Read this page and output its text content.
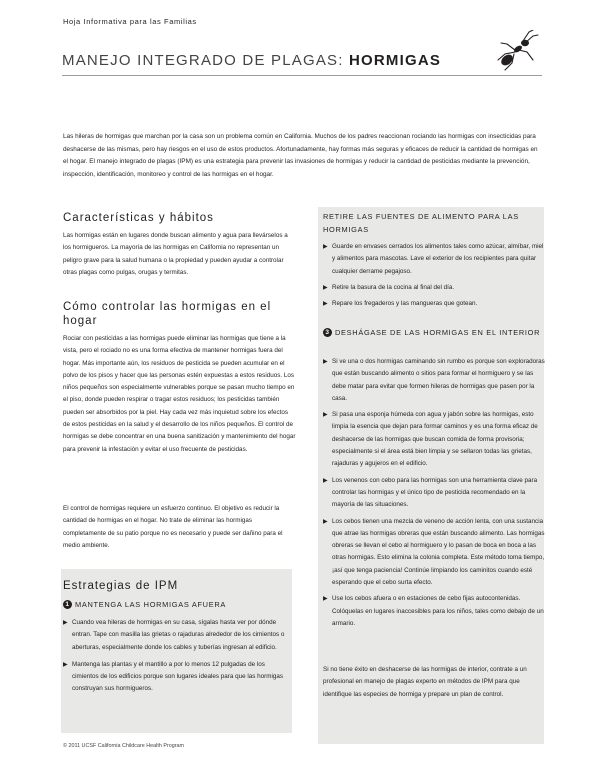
Hoja Informativa para las Familias
MANEJO INTEGRADO DE PLAGAS: HORMIGAS
Las hileras de hormigas que marchan por la casa son un problema común en California. Muchos de los padres reaccionan rociando las hormigas con insecticidas para deshacerse de las mismas, pero hay riesgos en el uso de estos productos. Afortunadamente, hay formas más seguras y eficaces de reducir la cantidad de hormigas en el hogar. El manejo integrado de plagas (IPM) es una estrategia para prevenir las invasiones de hormigas y reducir la cantidad de pesticidas mediante la prevención, inspección, identificación, monitoreo y control de las hormigas en el hogar.
Características y hábitos
Las hormigas están en lugares donde buscan alimento y agua para llevárselos a los hormigueros. La mayoría de las hormigas en California no representan un peligro grave para la salud humana o la propiedad y pueden ayudar a controlar otras plagas como pulgas, orugas y termitas.
Cómo controlar las hormigas en el hogar
Rociar con pesticidas a las hormigas puede eliminar las hormigas que tiene a la vista, pero el rociado no es una forma efectiva de mantener hormigas fuera del hogar. Más importante aún, los residuos de pesticida se pueden acumular en el polvo de los pisos y hacer que las personas estén expuestas a estos residuos. Los niños pequeños son especialmente vulnerables porque se pasan mucho tiempo en el piso, donde pueden respirar o tragar estos residuos; los pesticidas también pueden ser absorbidos por la piel. Hay cada vez más inquietud sobre los efectos de estos pesticidas en la salud y el desarrollo de los niños pequeños. El control de hormigas se debe concentrar en una buena sanitización y mantenimiento del hogar para prevenir la infestación y evitar el uso frecuente de pesticidas.
El control de hormigas requiere un esfuerzo continuo. El objetivo es reducir la cantidad de hormigas en el hogar. No trate de eliminar las hormigas completamente de su patio porque no es necesario y puede ser dañino para el medio ambiente.
Estrategias de IPM
1 MANTENGA LAS HORMIGAS AFUERA
▶ Cuando vea hileras de hormigas en su casa, sígalas hasta ver por dónde entran. Tape con masilla las grietas o rajaduras alrededor de los cimientos o aberturas, especialmente donde los cables y tuberías ingresan al edificio.
▶ Mantenga las plantas y el mantillo a por lo menos 12 pulgadas de los cimientos de los edificios porque son lugares ideales para que las hormigas construyan sus hormigueros.
RETIRE LAS FUENTES DE ALIMENTO PARA LAS HORMIGAS
▶ Guarde en envases cerrados los alimentos tales como azúcar, almíbar, miel y alimentos para mascotas. Lave el exterior de los recipientes para quitar cualquier derrame pegajoso.
▶ Retire la basura de la cocina al final del día.
▶ Repare los fregaderos y las mangueras que gotean.
3 DESHÁGASE DE LAS HORMIGAS EN EL INTERIOR
▶ Si ve una o dos hormigas caminando sin rumbo es porque son exploradoras que están buscando alimento o sitios para formar el hormiguero y se las debe matar para evitar que formen hileras de hormigas que pasen por la casa.
▶ Si pasa una esponja húmeda con agua y jabón sobre las hormigas, esto limpia la esencia que dejan para formar caminos y es una forma eficaz de deshacerse de las hormigas que buscan comida de forma provisoria; especialmente si el área está bien limpia y se sellaron todas las grietas, rajaduras y agujeros en el edificio.
▶ Los venenos con cebo para las hormigas son una herramienta clave para controlar las hormigas y el único tipo de pesticida recomendado en la mayoría de las situaciones.
▶ Los cebos tienen una mezcla de veneno de acción lenta, con una sustancia que atrae las hormigas obreras que están buscando alimento. Las hormigas obreras se llevan el cebo al hormiguero y lo pasan de boca en boca a las otras hormigas. Esto elimina la colonia completa. Este método toma tiempo, ¡así que tenga paciencia! Continúe limpiando los caminitos cuando esté esperando que el cebo surta efecto.
▶ Use los cebos afuera o en estaciones de cebo fijas autocontenidas. Colóquelas en lugares inaccesibles para los niños, tales como debajo de un armario.
Si no tiene éxito en deshacerse de las hormigas de interior, contrate a un profesional en manejo de plagas experto en métodos de IPM para que identifique las especies de hormiga y prepare un plan de control.
© 2011 UCSF California Childcare Health Program
